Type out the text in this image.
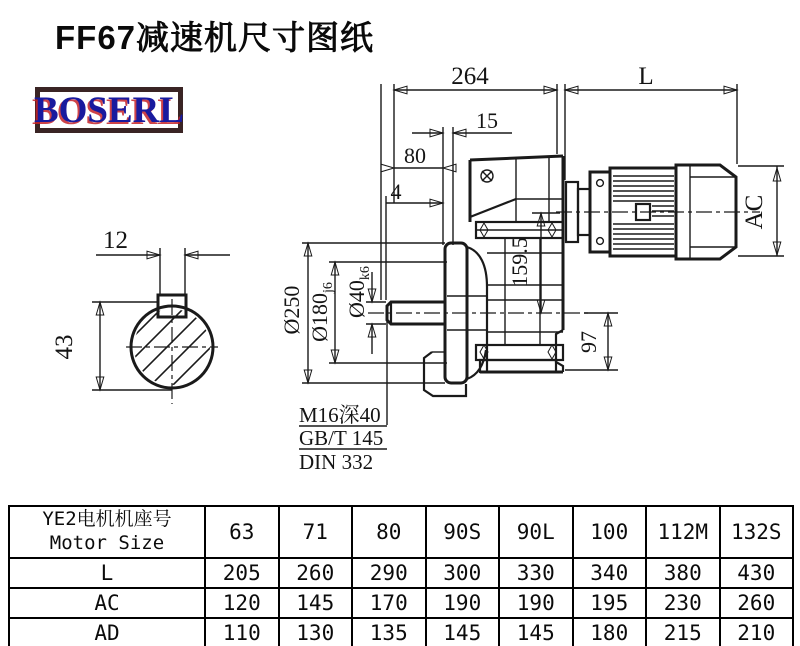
FF67减速机尺寸图纸
BOSERL
12
43
264	L
15
80
4
AC
159.5
97
Ø250 $Ø180_{j6}$ $Ø40_{k6}$
M16深40
GB/T 145
DIN 332
YE2电机机座号
Motor Size	63	71	80	90S	90L	100	112M	132S
L	205	260	290	300	330	340	380	430
AC	120	145	170	190	190	195	230	260
AD	110	130	135	145	145	180	215	210
